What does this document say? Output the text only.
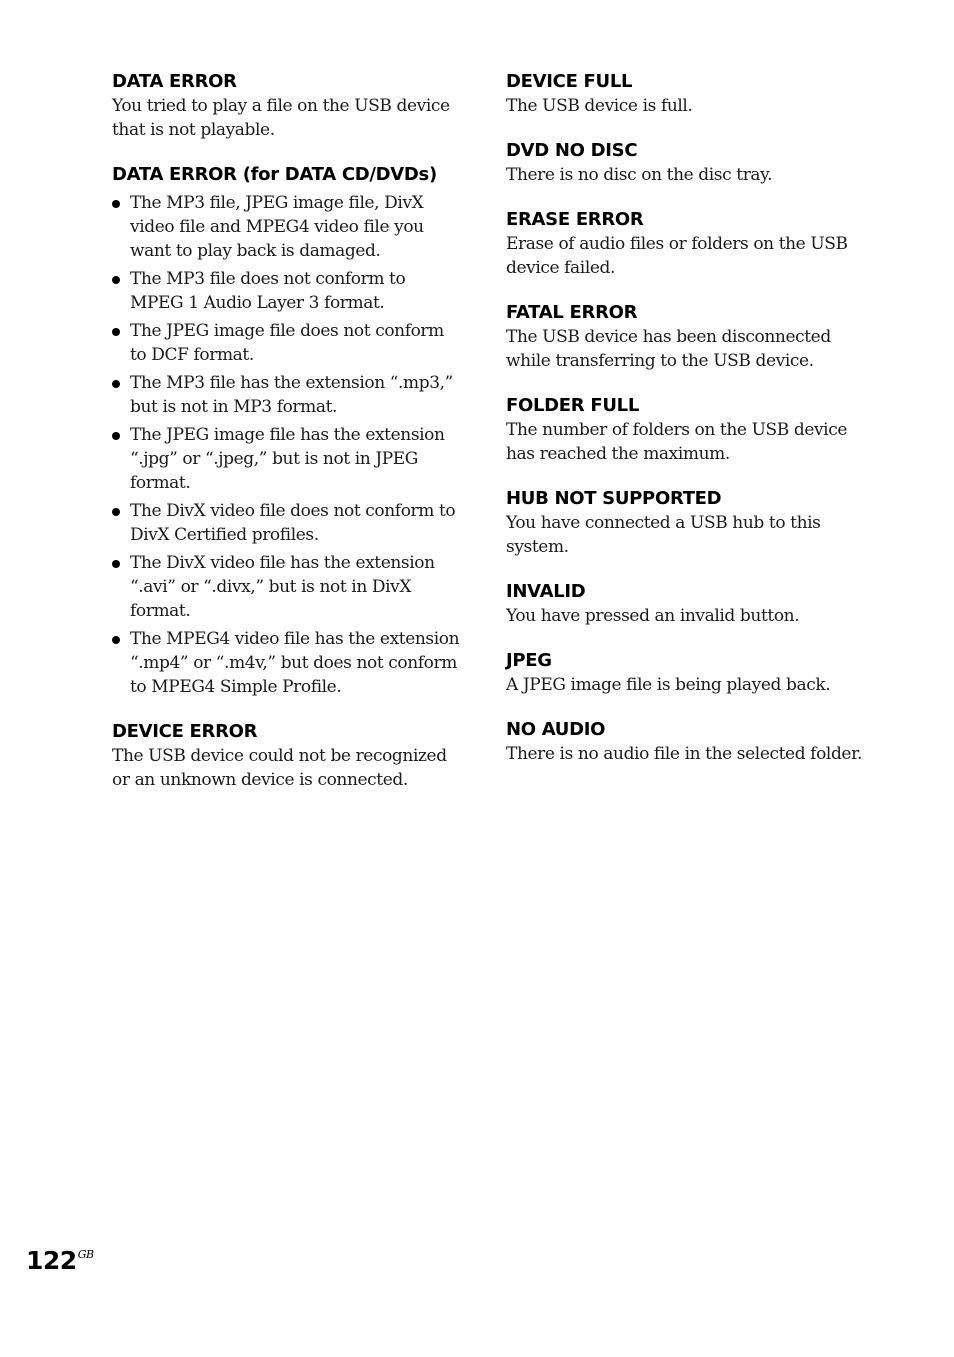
DATA ERROR
You tried to play a file on the USB device that is not playable.
DATA ERROR (for DATA CD/DVDs)
The MP3 file, JPEG image file, DivX video file and MPEG4 video file you want to play back is damaged.
The MP3 file does not conform to MPEG 1 Audio Layer 3 format.
The JPEG image file does not conform to DCF format.
The MP3 file has the extension “.mp3,” but is not in MP3 format.
The JPEG image file has the extension “.jpg” or “.jpeg,” but is not in JPEG format.
The DivX video file does not conform to DivX Certified profiles.
The DivX video file has the extension “.avi” or “.divx,” but is not in DivX format.
The MPEG4 video file has the extension “.mp4” or “.m4v,” but does not conform to MPEG4 Simple Profile.
DEVICE ERROR
The USB device could not be recognized or an unknown device is connected.
DEVICE FULL
The USB device is full.
DVD NO DISC
There is no disc on the disc tray.
ERASE ERROR
Erase of audio files or folders on the USB device failed.
FATAL ERROR
The USB device has been disconnected while transferring to the USB device.
FOLDER FULL
The number of folders on the USB device has reached the maximum.
HUB NOT SUPPORTED
You have connected a USB hub to this system.
INVALID
You have pressed an invalid button.
JPEG
A JPEG image file is being played back.
NO AUDIO
There is no audio file in the selected folder.
$122^{GB}$
